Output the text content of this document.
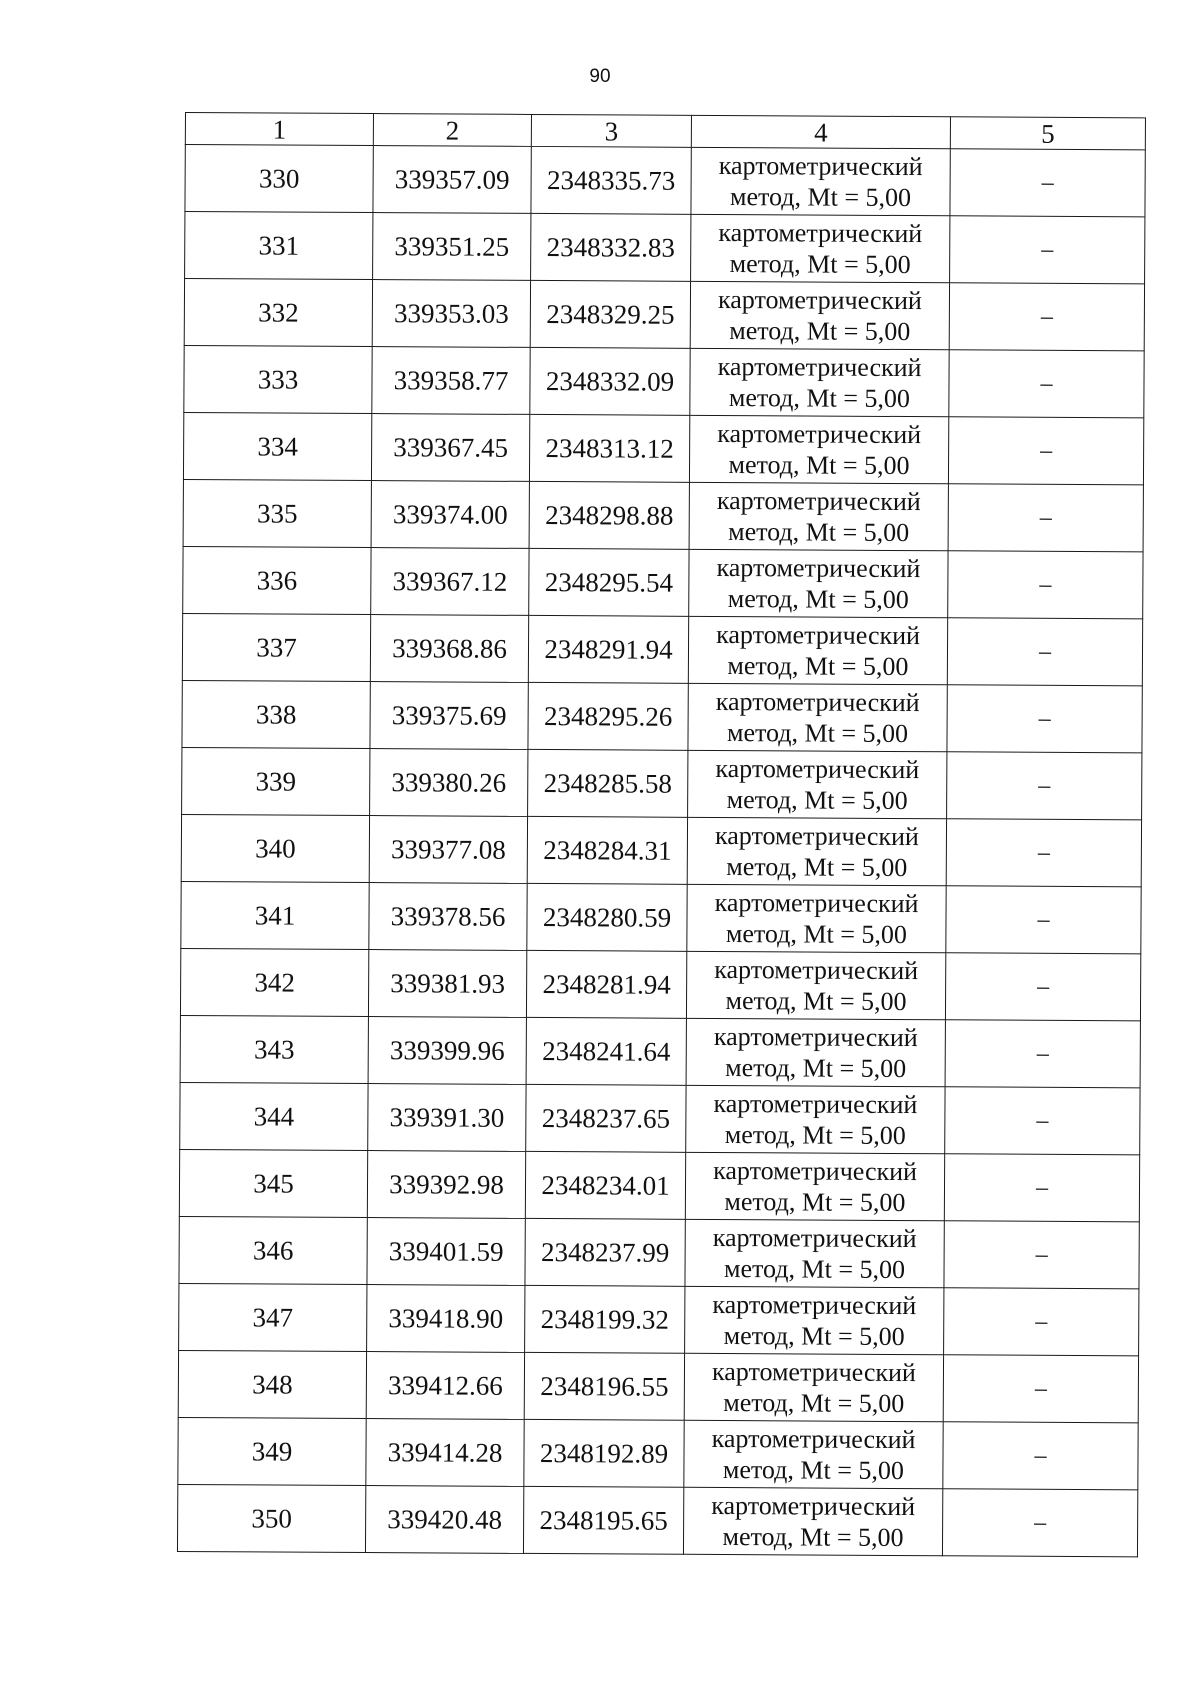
90
1	2	3	4	5
330	339357.09	2348335.73	картометрический
метод, Mt = 5,00	–
331	339351.25	2348332.83	картометрический
метод, Mt = 5,00	–
332	339353.03	2348329.25	картометрический
метод, Mt = 5,00	–
333	339358.77	2348332.09	картометрический
метод, Mt = 5,00	–
334	339367.45	2348313.12	картометрический
метод, Mt = 5,00	–
335	339374.00	2348298.88	картометрический
метод, Mt = 5,00	–
336	339367.12	2348295.54	картометрический
метод, Mt = 5,00	–
337	339368.86	2348291.94	картометрический
метод, Mt = 5,00	–
338	339375.69	2348295.26	картометрический
метод, Mt = 5,00	–
339	339380.26	2348285.58	картометрический
метод, Mt = 5,00	–
340	339377.08	2348284.31	картометрический
метод, Mt = 5,00	–
341	339378.56	2348280.59	картометрический
метод, Mt = 5,00	–
342	339381.93	2348281.94	картометрический
метод, Mt = 5,00	–
343	339399.96	2348241.64	картометрический
метод, Mt = 5,00	–
344	339391.30	2348237.65	картометрический
метод, Mt = 5,00	–
345	339392.98	2348234.01	картометрический
метод, Mt = 5,00	–
346	339401.59	2348237.99	картометрический
метод, Mt = 5,00	–
347	339418.90	2348199.32	картометрический
метод, Mt = 5,00	–
348	339412.66	2348196.55	картометрический
метод, Mt = 5,00	–
349	339414.28	2348192.89	картометрический
метод, Mt = 5,00	–
350	339420.48	2348195.65	картометрический
метод, Mt = 5,00	–
